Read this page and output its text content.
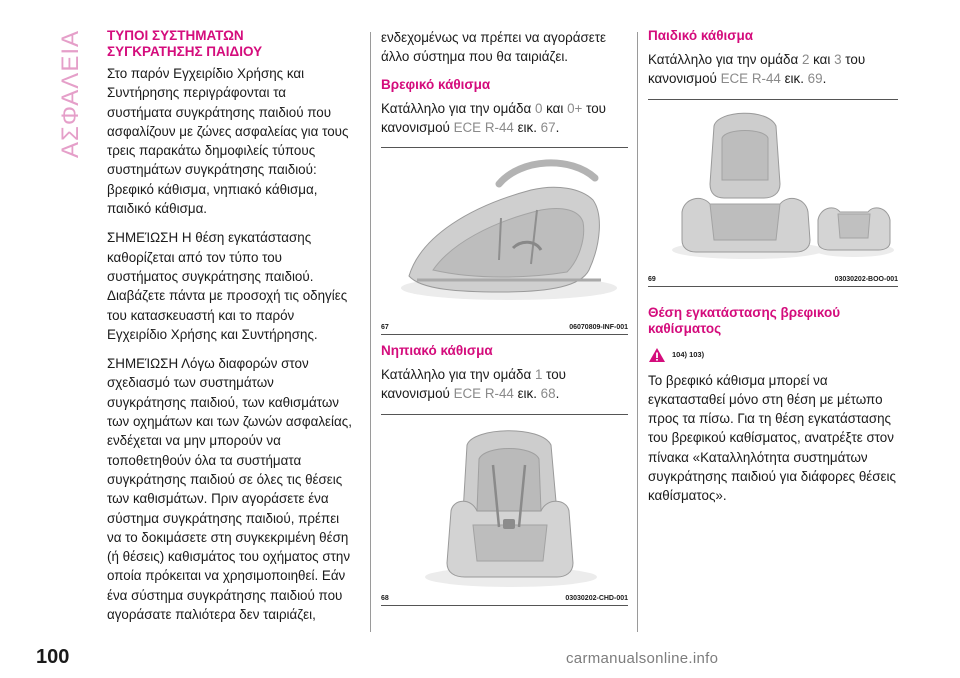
ΑΣΦΑΛΕΙΑ ΤΥΠΟΙ ΣΥΣΤΗΜΑΤΩΝ ΣΥΓΚΡΑΤΗΣΗΣ ΠΑΙΔΙΟΥ

Στο παρόν Εγχειρίδιο Χρήσης και Συντήρησης περιγράφονται τα συστήματα συγκράτησης παιδιού που ασφαλίζουν με ζώνες ασφαλείας για τους τρεις παρακάτω δημοφιλείς τύπους συστημάτων συγκράτησης παιδιού: βρεφικό κάθισμα, νηπιακό κάθισμα, παιδικό κάθισμα.

ΣΗΜΕΊΩΣΗ Η θέση εγκατάστασης καθορίζεται από τον τύπο του συστήματος συγκράτησης παιδιού. Διαβάζετε πάντα με προσοχή τις οδηγίες του κατασκευαστή και το παρόν Εγχειρίδιο Χρήσης και Συντήρησης.

ΣΗΜΕΊΩΣΗ Λόγω διαφορών στον σχεδιασμό των συστημάτων συγκράτησης παιδιού, των καθισμάτων των οχημάτων και των ζωνών ασφαλείας, ενδέχεται να μην μπορούν να τοποθετηθούν όλα τα συστήματα συγκράτησης παιδιού σε όλες τις θέσεις των καθισμάτων. Πριν αγοράσετε ένα σύστημα συγκράτησης παιδιού, πρέπει να το δοκιμάσετε στη συγκεκριμένη θέση (ή θέσεις) καθισμάτος του οχήματος στην οποία πρόκειται να χρησιμοποιηθεί. Εάν ένα σύστημα συγκράτησης παιδιού που αγοράσατε παλιότερα δεν ταιριάζει,

ενδεχομένως να πρέπει να αγοράσετε άλλο σύστημα που θα ταιριάζει.

Βρεφικό κάθισμα

Κατάλληλο για την ομάδα 0 και 0+ του κανονισμού ECE R-44 εικ. 67.

67	06070809-INF-001
Νηπιακό κάθισμα

Κατάλληλο για την ομάδα 1 του κανονισμού ECE R-44 εικ. 68.

68	03030202-CHD-001
Παιδικό κάθισμα

Κατάλληλο για την ομάδα 2 και 3 του κανονισμού ECE R-44 εικ. 69.

69	03030202-BOO-001
Θέση εγκατάστασης βρεφικού καθίσματος
104) 103)

Το βρεφικό κάθισμα μπορεί να εγκατασταθεί μόνο στη θέση με μέτωπο προς τα πίσω. Για τη θέση εγκατάστασης του βρεφικού καθίσματος, ανατρέξτε στον πίνακα «Καταλληλότητα συστημάτων συγκράτησης παιδιού για διάφορες θέσεις καθίσματος».

100	carmanualsonline.info
